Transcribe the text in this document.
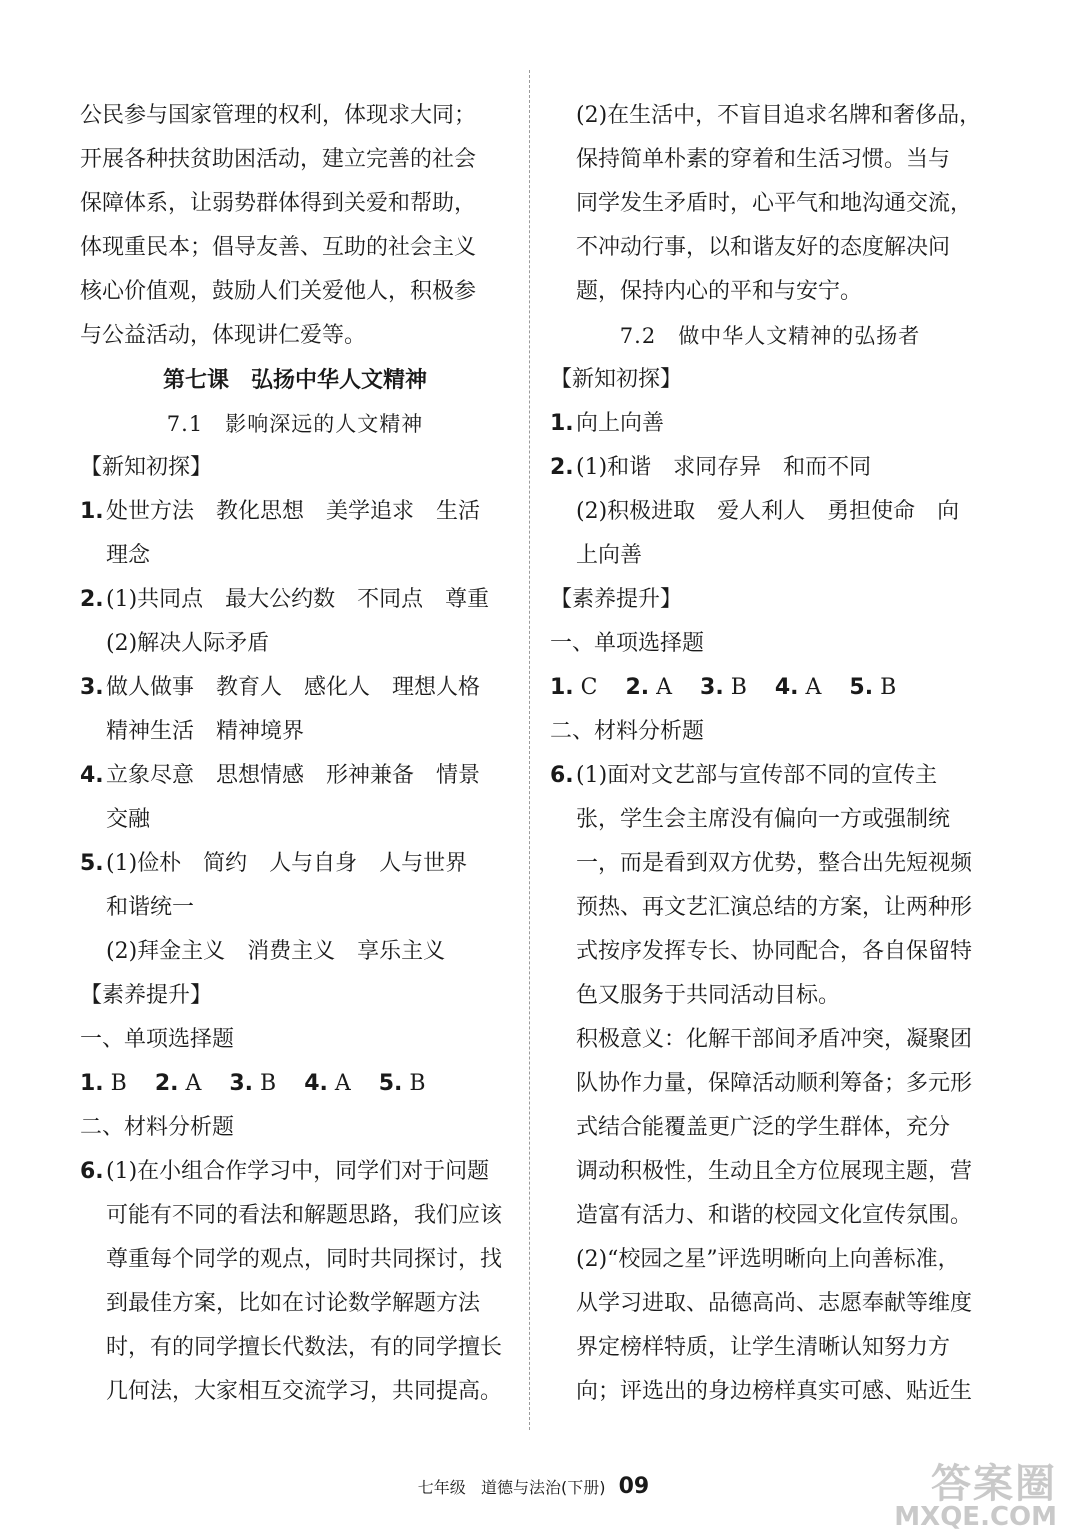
公民参与国家管理的权利，体现求大同；
开展各种扶贫助困活动，建立完善的社会
保障体系，让弱势群体得到关爱和帮助，
体现重民本；倡导友善、互助的社会主义
核心价值观，鼓励人们关爱他人，积极参
与公益活动，体现讲仁爱等。
第七课　弘扬中华人文精神
7.1　影响深远的人文精神
【新知初探】
1. 处世方法　教化思想　美学追求　生活
理念
2. (1)共同点　最大公约数　不同点　尊重
(2)解决人际矛盾
3. 做人做事　教育人　感化人　理想人格
精神生活　精神境界
4. 立象尽意　思想情感　形神兼备　情景
交融
5. (1)俭朴　简约　人与自身　人与世界
和谐统一
(2)拜金主义　消费主义　享乐主义
【素养提升】
一、单项选择题
1. B 2. A 3. B 4. A 5. B
二、材料分析题
6. (1)在小组合作学习中，同学们对于问题
可能有不同的看法和解题思路，我们应该
尊重每个同学的观点，同时共同探讨，找
到最佳方案，比如在讨论数学解题方法
时，有的同学擅长代数法，有的同学擅长
几何法，大家相互交流学习，共同提高。
(2)在生活中，不盲目追求名牌和奢侈品，
保持简单朴素的穿着和生活习惯。当与
同学发生矛盾时，心平气和地沟通交流，
不冲动行事，以和谐友好的态度解决问
题，保持内心的平和与安宁。
7.2　做中华人文精神的弘扬者
【新知初探】
1. 向上向善
2. (1)和谐　求同存异　和而不同
(2)积极进取　爱人利人　勇担使命　向
上向善
【素养提升】
一、单项选择题
1. C 2. A 3. B 4. A 5. B
二、材料分析题
6. (1)面对文艺部与宣传部不同的宣传主
张，学生会主席没有偏向一方或强制统
一，而是看到双方优势，整合出先短视频
预热、再文艺汇演总结的方案，让两种形
式按序发挥专长、协同配合，各自保留特
色又服务于共同活动目标。
积极意义：化解干部间矛盾冲突，凝聚团
队协作力量，保障活动顺利筹备；多元形
式结合能覆盖更广泛的学生群体，充分
调动积极性，生动且全方位展现主题，营
造富有活力、和谐的校园文化宣传氛围。
(2)“校园之星”评选明晰向上向善标准，
从学习进取、品德高尚、志愿奉献等维度
界定榜样特质，让学生清晰认知努力方
向；评选出的身边榜样真实可感、贴近生
七年级 道德与法治(下册) 09	答案圈
MXQE.COM
